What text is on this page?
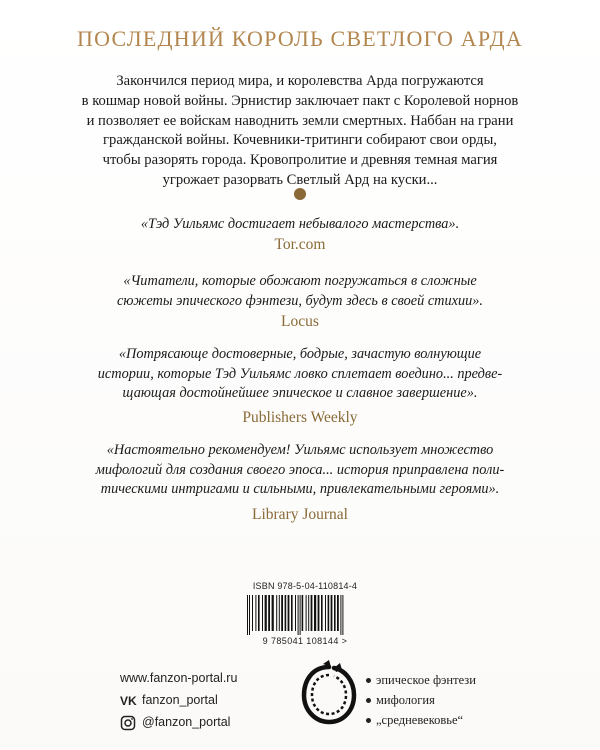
ПОСЛЕДНИЙ КОРОЛЬ СВЕТЛОГО АРДА
Закончился период мира, и королевства Арда погружаются
в кошмар новой войны. Эрнистир заключает пакт с Королевой норнов
и позволяет ее войскам наводнить земли смертных. Наббан на грани
гражданской войны. Кочевники-тритинги собирают свои орды,
чтобы разорять города. Кровопролитие и древняя темная магия
угрожает разорвать Светлый Ард на куски...
«Тэд Уильямс достигает небывалого мастерства».
Tor.com
«Читатели, которые обожают погружаться в сложные
сюжеты эпического фэнтези, будут здесь в своей стихии».
Locus
«Потрясающе достоверные, бодрые, зачастую волнующие
истории, которые Тэд Уильямс ловко сплетает воедино... предве-
щающая достойнейшее эпическое и славное завершение».
Publishers Weekly
«Настоятельно рекомендуем! Уильямс использует множество
мифологий для создания своего эпоса... история приправлена поли-
тическими интригами и сильными, привлекательными героями».
Library Journal
ISBN 978-5-04-110814-4
9 785041 108144 >
www.fanzon-portal.ru
VK fanzon_portal
@fanzon_portal
эпическое фэнтези
мифология
„средневековье“
